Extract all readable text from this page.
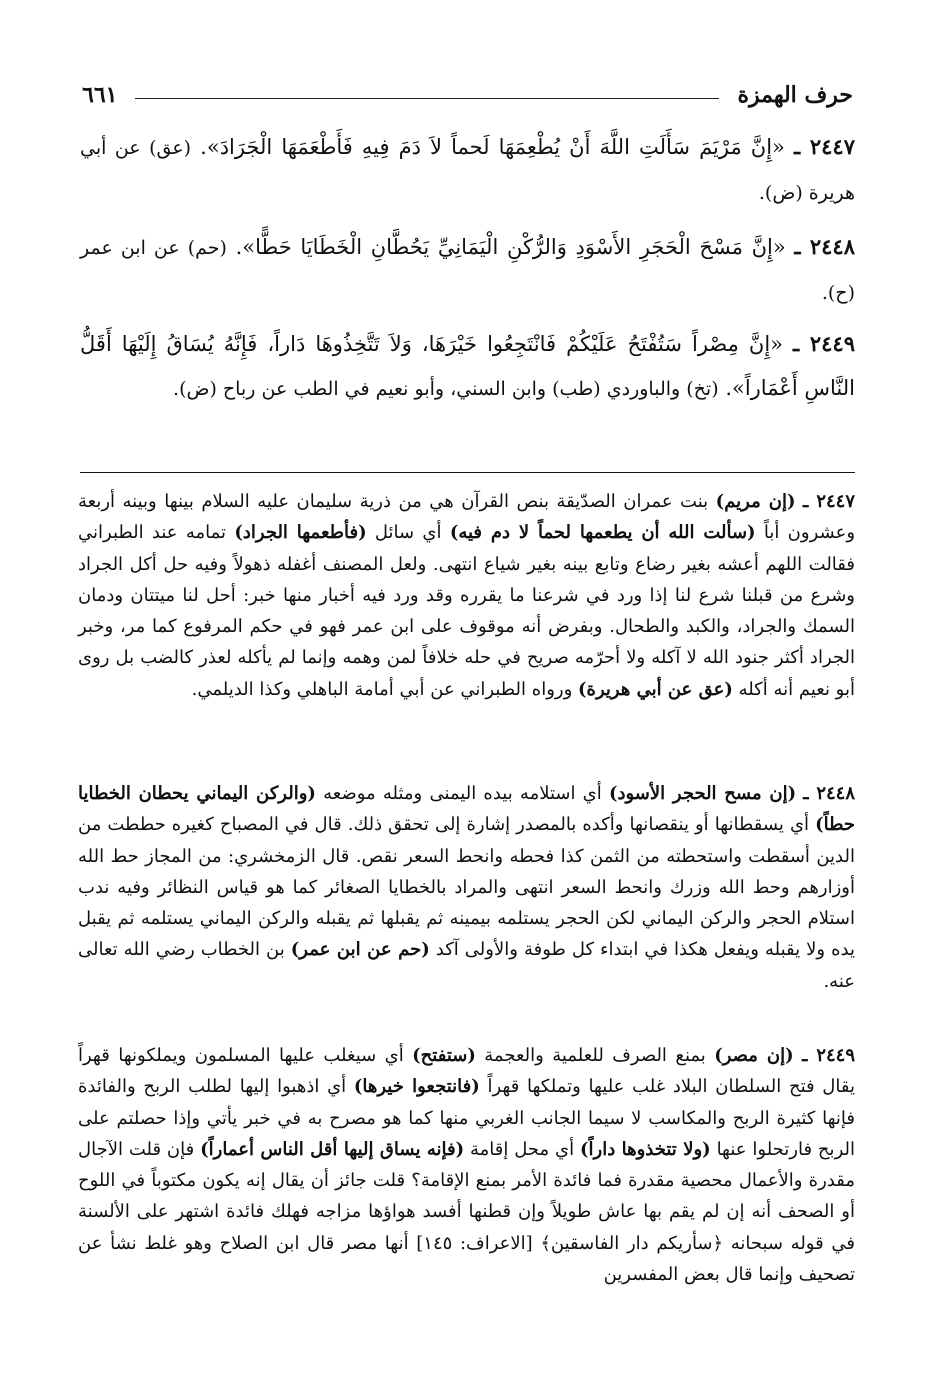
حرف الهمزة
٦٦١
٢٤٤٧ ـ «إِنَّ مَرْيَمَ سَأَلَتِ اللَّهَ أَنْ يُطْعِمَهَا لَحماً لاَ دَمَ فِيهِ فَأَطْعَمَهَا الْجَرَادَ». (عق) عن أبي هريرة (ض).
٢٤٤٨ ـ «إِنَّ مَسْحَ الْحَجَرِ الأَسْوَدِ وَالرُّكْنِ الْيَمَانِيِّ يَحُطَّانِ الْخَطَايَا حَطًّا». (حم) عن ابن عمر (ح).
٢٤٤٩ ـ «إِنَّ مِصْراً سَتُفْتَحُ عَلَيْكُمْ فَانْتَجِعُوا خَيْرَهَا، وَلاَ تَتَّخِذُوهَا دَاراً، فَإِنَّهُ يُسَاقُ إِلَيْهَا أَقَلُّ النَّاسِ أَعْمَاراً». (تخ) والباوردي (طب) وابن السني، وأبو نعيم في الطب عن رباح (ض).
٢٤٤٧ ـ (إن مريم) بنت عمران الصدّيقة بنص القرآن هي من ذرية سليمان عليه السلام بينها وبينه أربعة وعشرون أباً (سألت الله أن يطعمها لحماً لا دم فيه) أي سائل (فأطعمها الجراد) تمامه عند الطبراني فقالت اللهم أعشه بغير رضاع وتابع بينه بغير شياع انتهى. ولعل المصنف أغفله ذهولاً وفيه حل أكل الجراد وشرع من قبلنا شرع لنا إذا ورد في شرعنا ما يقرره وقد ورد فيه أخبار منها خبر: أحل لنا ميتتان ودمان السمك والجراد، والكبد والطحال. وبفرض أنه موقوف على ابن عمر فهو في حكم المرفوع كما مر، وخبر الجراد أكثر جنود الله لا آكله ولا أحرّمه صريح في حله خلافاً لمن وهمه وإنما لم يأكله لعذر كالضب بل روى أبو نعيم أنه أكله (عق عن أبي هريرة) ورواه الطبراني عن أبي أمامة الباهلي وكذا الديلمي.
٢٤٤٨ ـ (إن مسح الحجر الأسود) أي استلامه بيده اليمنى ومثله موضعه (والركن اليماني يحطان الخطايا حطاً) أي يسقطانها أو ينقصانها وأكده بالمصدر إشارة إلى تحقق ذلك. قال في المصباح كغيره حططت من الدين أسقطت واستحطته من الثمن كذا فحطه وانحط السعر نقص. قال الزمخشري: من المجاز حط الله أوزارهم وحط الله وزرك وانحط السعر انتهى والمراد بالخطايا الصغائر كما هو قياس النظائر وفيه ندب استلام الحجر والركن اليماني لكن الحجر يستلمه بيمينه ثم يقبلها ثم يقبله والركن اليماني يستلمه ثم يقبل يده ولا يقبله ويفعل هكذا في ابتداء كل طوفة والأولى آكد (حم عن ابن عمر) بن الخطاب رضي الله تعالى عنه.
٢٤٤٩ ـ (إن مصر) بمنع الصرف للعلمية والعجمة (ستفتح) أي سيغلب عليها المسلمون ويملكونها قهراً يقال فتح السلطان البلاد غلب عليها وتملكها قهراً (فانتجعوا خيرها) أي اذهبوا إليها لطلب الربح والفائدة فإنها كثيرة الربح والمكاسب لا سيما الجانب الغربي منها كما هو مصرح به في خبر يأتي وإذا حصلتم على الربح فارتحلوا عنها (ولا تتخذوها داراً) أي محل إقامة (فإنه يساق إليها أقل الناس أعماراً) فإن قلت الآجال مقدرة والأعمال محصية مقدرة فما فائدة الأمر بمنع الإقامة؟ قلت جائز أن يقال إنه يكون مكتوباً في اللوح أو الصحف أنه إن لم يقم بها عاش طويلاً وإن قطنها أفسد هواؤها مزاجه فهلك فائدة اشتهر على الألسنة في قوله سبحانه ﴿سأريكم دار الفاسقين﴾ [الاعراف: ١٤٥] أنها مصر قال ابن الصلاح وهو غلط نشأ عن تصحيف وإنما قال بعض المفسرين
